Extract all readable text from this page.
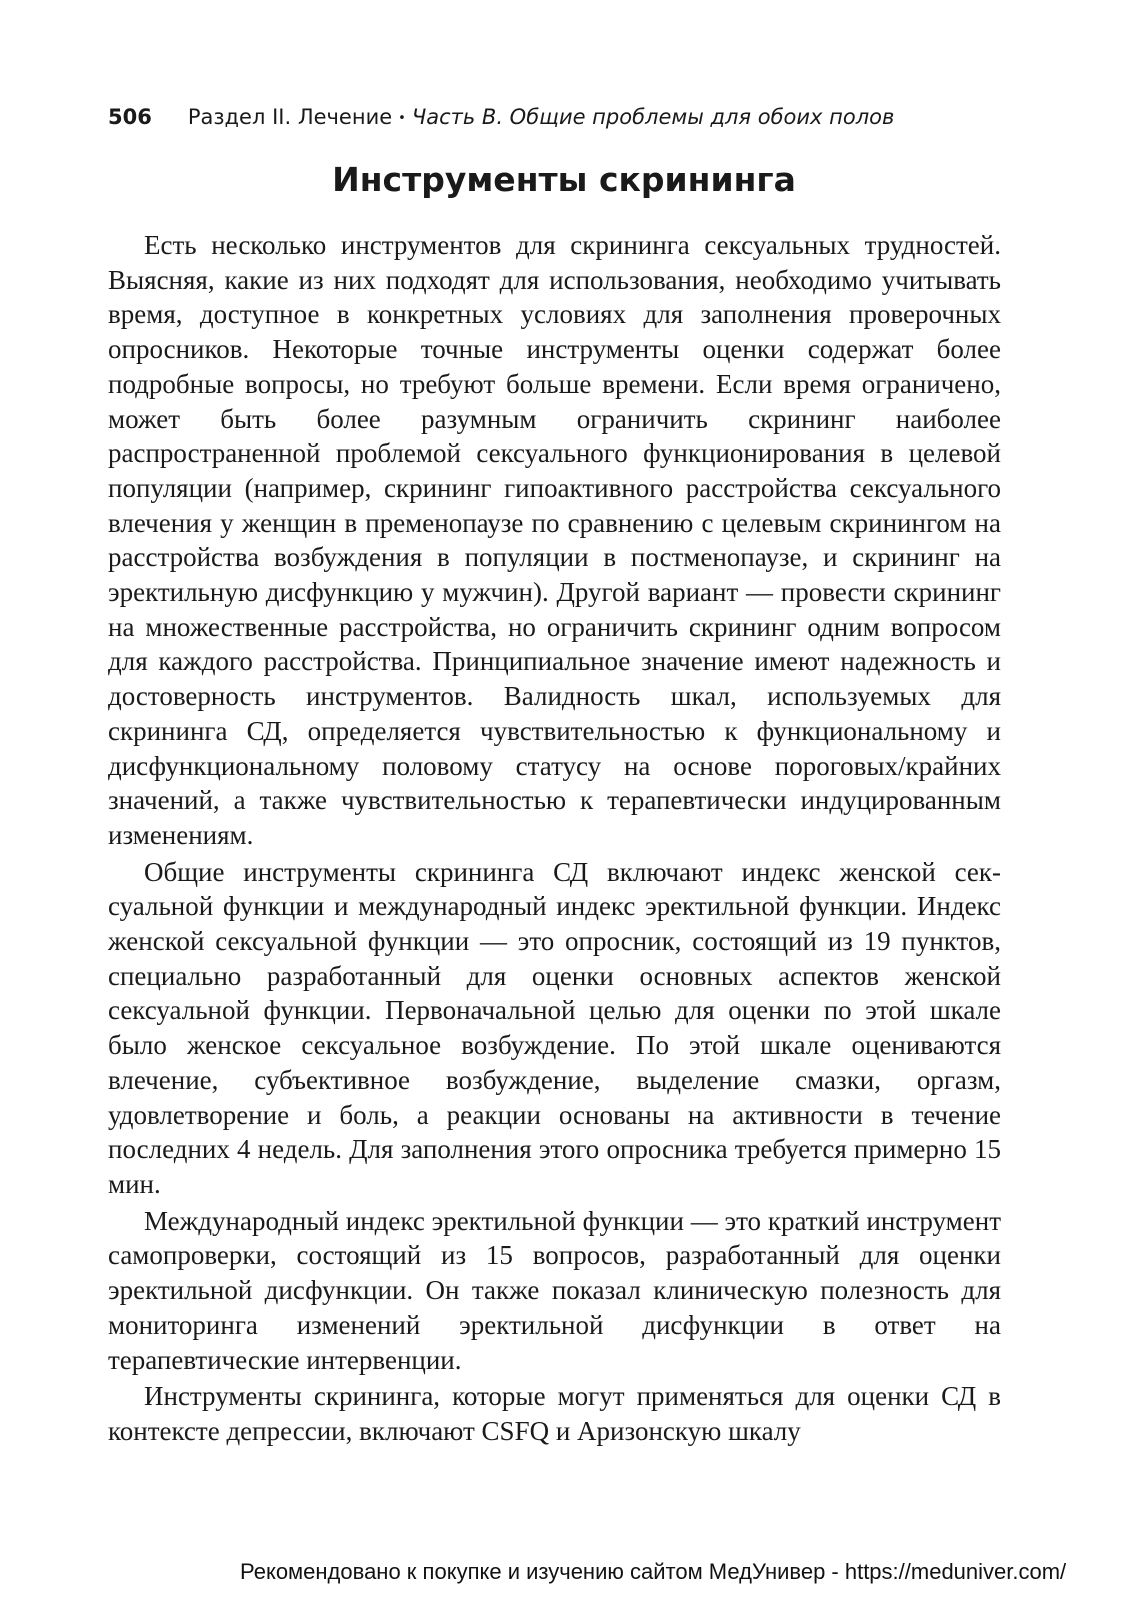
506 Раздел II. Лечение • Часть В. Общие проблемы для обоих полов
Инструменты скрининга

Есть несколько инструментов для скрининга сексуальных трудностей. Выясняя, какие из них подходят для использования, необходимо учитывать время, доступное в конкретных условиях для заполнения проверочных опросников. Некоторые точные инструменты оценки содержат более подробные вопросы, но требуют больше времени. Если время ограничено, может быть более разумным ограничить скрининг наиболее распространенной проблемой сексуального функционирования в целевой популяции (например, скрининг гипоактивного расстройства сексуального влечения у женщин в пременопаузе по сравнению с целевым скринингом на расстройства возбуждения в популяции в постменопаузе, и скрининг на эректильную дисфункцию у мужчин). Другой вариант — провести скрининг на множественные расстройства, но ограничить скрининг одним вопросом для каждого расстройства. Принципиальное значение имеют надежность и достоверность инструментов. Валидность шкал, используемых для скрининга СД, определяется чувствительностью к функциональному и дисфункциональному половому статусу на основе пороговых/крайних значений, а также чувствительностью к терапевтически индуцированным изменениям.

Общие инструменты скрининга СД включают индекс женской сексуальной функции и международный индекс эректильной функции. Индекс женской сексуальной функции — это опросник, состоящий из 19 пунктов, специально разработанный для оценки основных аспектов женской сексуальной функции. Первоначальной целью для оценки по этой шкале было женское сексуальное возбуждение. По этой шкале оцениваются влечение, субъективное возбуждение, выделение смазки, оргазм, удовлетворение и боль, а реакции основаны на активности в течение последних 4 недель. Для заполнения этого опросника требуется примерно 15 мин.

Международный индекс эректильной функции — это краткий инструмент самопроверки, состоящий из 15 вопросов, разработанный для оценки эректильной дисфункции. Он также показал клиническую полезность для мониторинга изменений эректильной дисфункции в ответ на терапевтические интервенции.

Инструменты скрининга, которые могут применяться для оценки СД в контексте депрессии, включают CSFQ и Аризонскую шкалу

Рекомендовано к покупке и изучению сайтом МедУнивер - https://meduniver.com/
